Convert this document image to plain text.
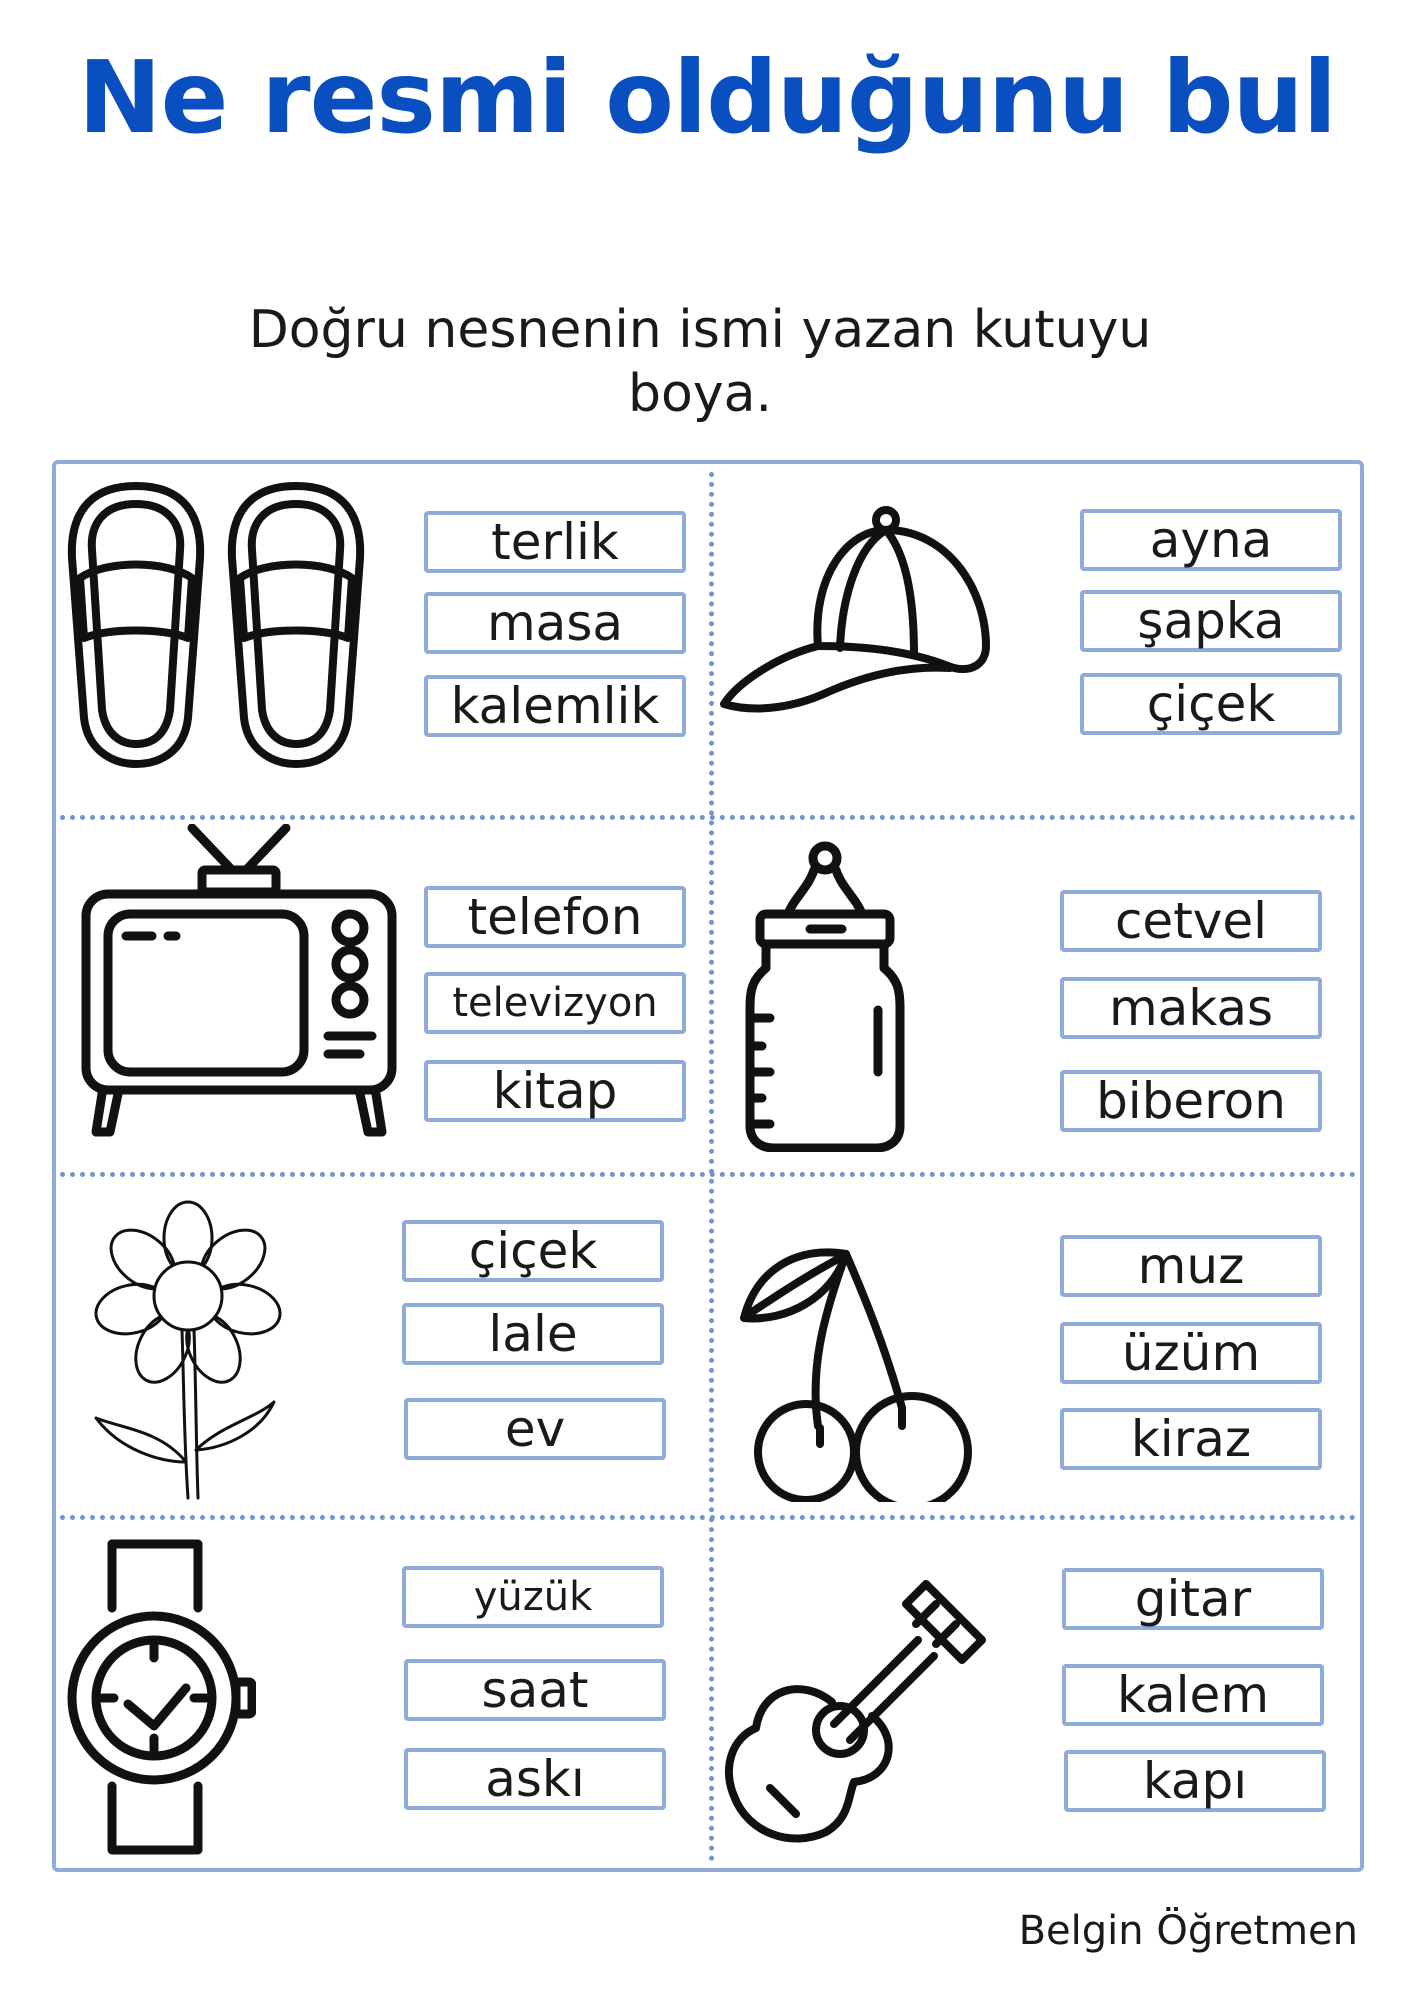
Ne resmi olduğunu bul
Doğru nesnenin ismi yazan kutuyu
boya.
terlik
masa
kalemlik
ayna
şapka
çiçek
telefon
televizyon
kitap
cetvel
makas
biberon
çiçek
lale
ev
muz
üzüm
kiraz
yüzük
saat
askı
gitar
kalem
kapı
Belgin Öğretmen
